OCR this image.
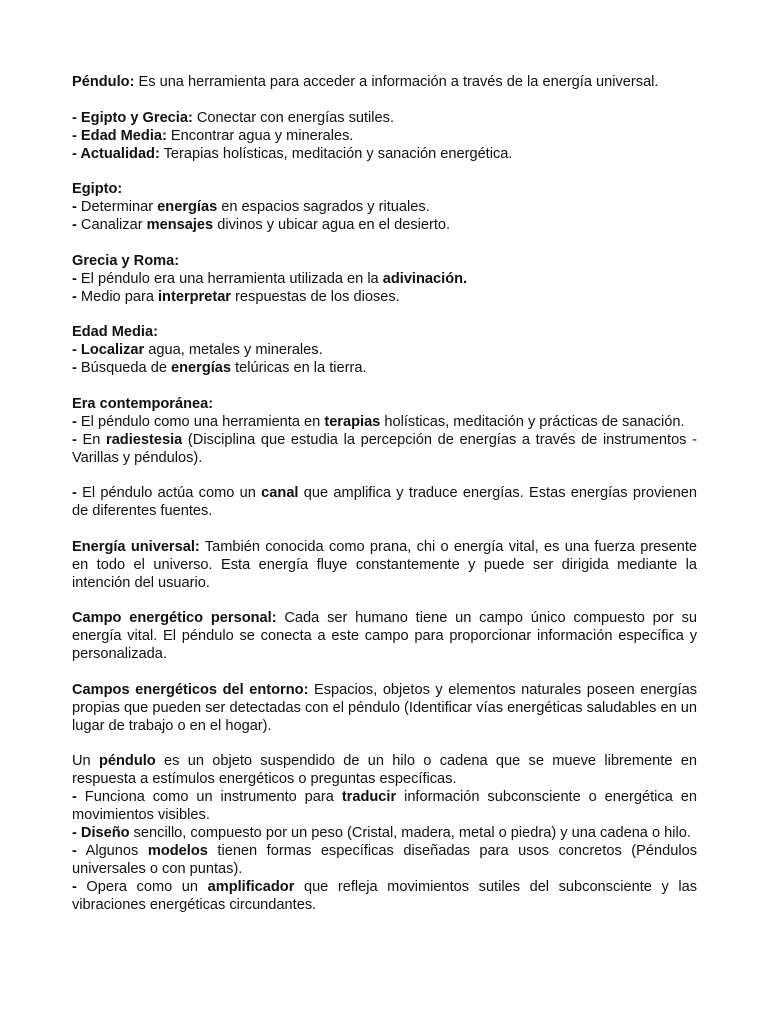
Péndulo: Es una herramienta para acceder a información a través de la energía universal.

- Egipto y Grecia: Conectar con energías sutiles.

- Edad Media: Encontrar agua y minerales.

- Actualidad: Terapias holísticas, meditación y sanación energética.

Egipto:

- Determinar energías en espacios sagrados y rituales.

- Canalizar mensajes divinos y ubicar agua en el desierto.

Grecia y Roma:

- El péndulo era una herramienta utilizada en la adivinación.

- Medio para interpretar respuestas de los dioses.

Edad Media:

- Localizar agua, metales y minerales.

- Búsqueda de energías telúricas en la tierra.

Era contemporánea:

- El péndulo como una herramienta en terapias holísticas, meditación y prácticas de sanación.

- En radiestesia (Disciplina que estudia la percepción de energías a través de instrumentos - Varillas y péndulos).

- El péndulo actúa como un canal que amplifica y traduce energías. Estas energías provienen de diferentes fuentes.

Energía universal: También conocida como prana, chi o energía vital, es una fuerza presente en todo el universo. Esta energía fluye constantemente y puede ser dirigida mediante la intención del usuario.

Campo energético personal: Cada ser humano tiene un campo único compuesto por su energía vital. El péndulo se conecta a este campo para proporcionar información específica y personalizada.

Campos energéticos del entorno: Espacios, objetos y elementos naturales poseen energías propias que pueden ser detectadas con el péndulo (Identificar vías energéticas saludables en un lugar de trabajo o en el hogar).

Un péndulo es un objeto suspendido de un hilo o cadena que se mueve libremente en respuesta a estímulos energéticos o preguntas específicas.

- Funciona como un instrumento para traducir información subconsciente o energética en movimientos visibles.

- Diseño sencillo, compuesto por un peso (Cristal, madera, metal o piedra) y una cadena o hilo.

- Algunos modelos tienen formas específicas diseñadas para usos concretos (Péndulos universales o con puntas).

- Opera como un amplificador que refleja movimientos sutiles del subconsciente y las vibraciones energéticas circundantes.
